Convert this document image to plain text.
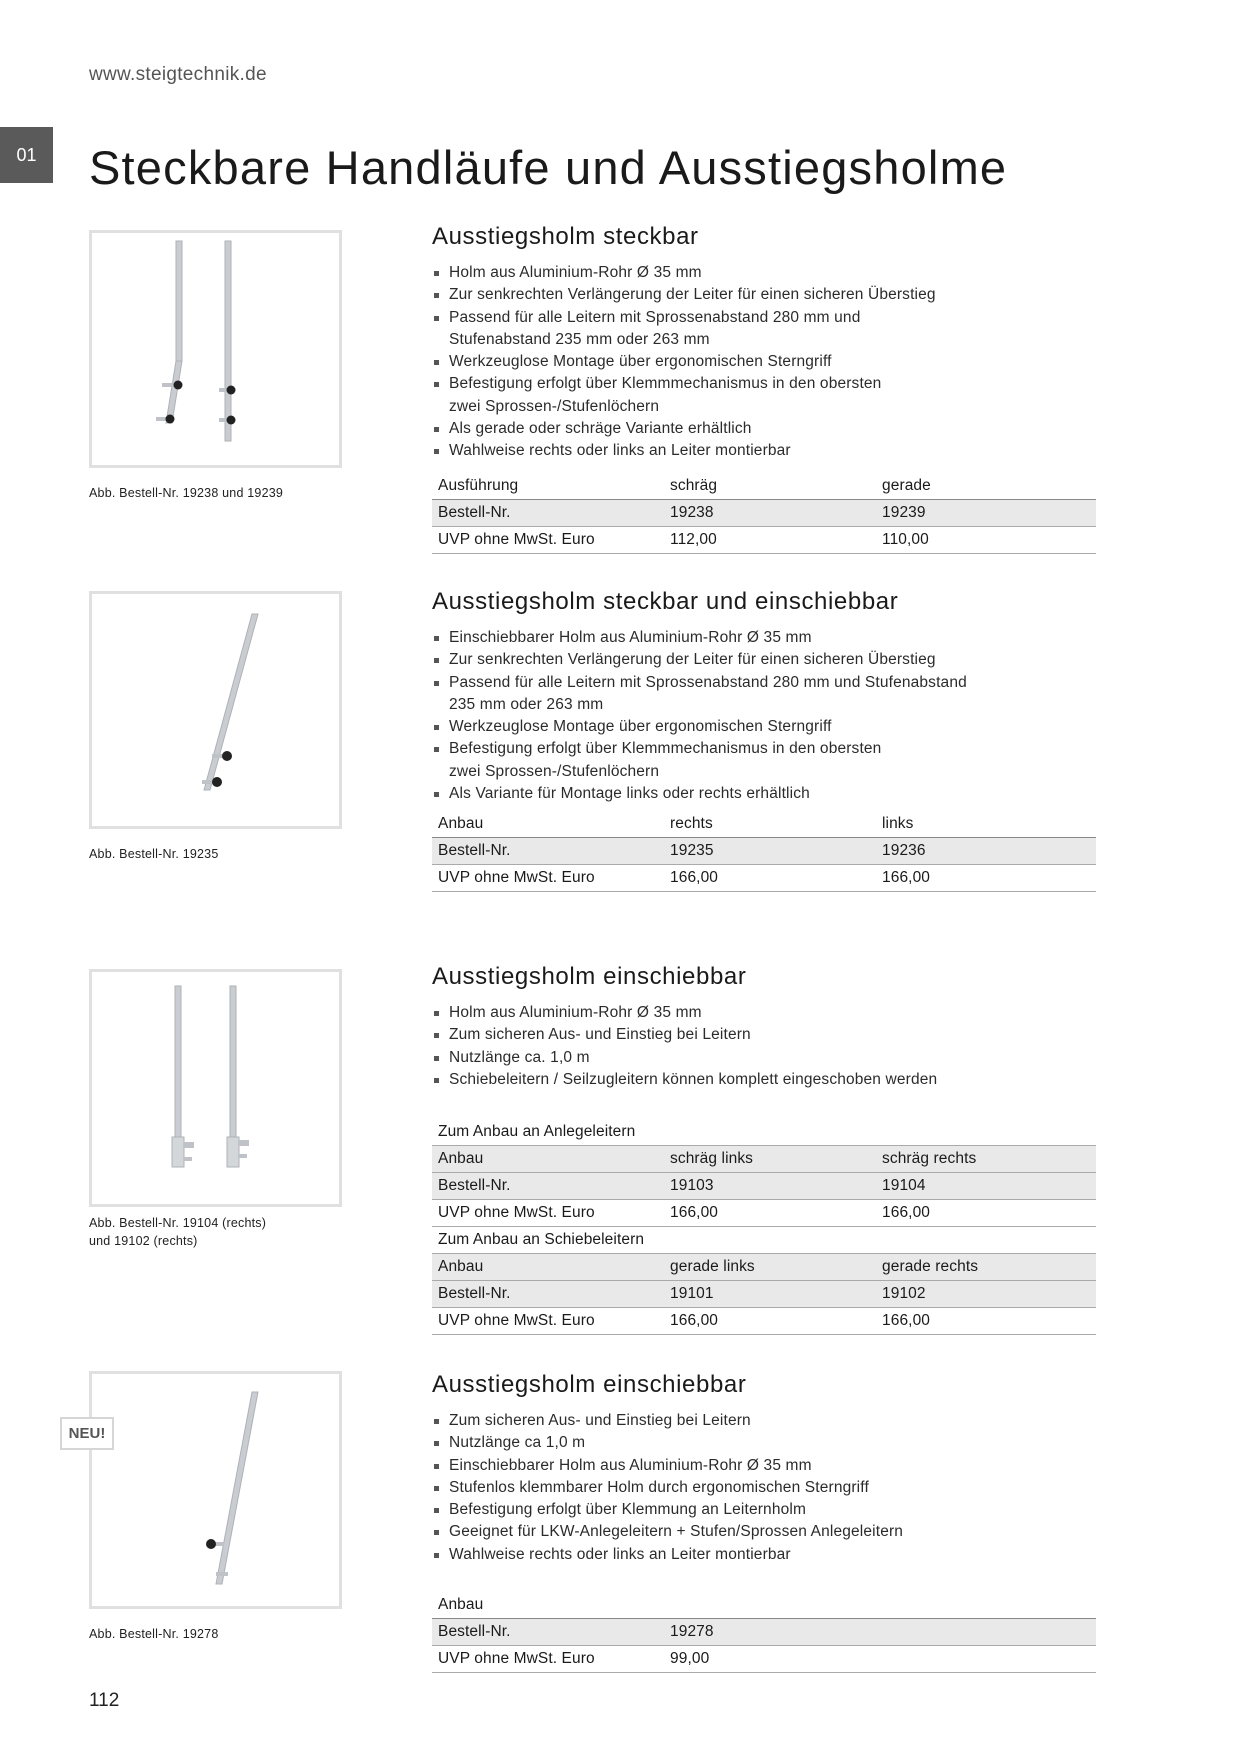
www.steigtechnik.de
01	Steckbare Handläufe und Ausstiegsholme
Abb. Bestell-Nr. 19238 und 19239
Ausstiegsholm steckbar
Holm aus Aluminium-Rohr Ø 35 mm
Zur senkrechten Verlängerung der Leiter für einen sicheren Überstieg
Passend für alle Leitern mit Sprossenabstand 280 mm und
Stufenabstand 235 mm oder 263 mm
Werkzeuglose Montage über ergonomischen Sterngriff
Befestigung erfolgt über Klemmmechanismus in den obersten
zwei Sprossen-/Stufenlöchern
Als gerade oder schräge Variante erhältlich
Wahlweise rechts oder links an Leiter montierbar
Ausführung	schräg	gerade
Bestell-Nr.	19238	19239
UVP ohne MwSt. Euro	112,00	110,00
Abb. Bestell-Nr. 19235
Ausstiegsholm steckbar und einschiebbar
Einschiebbarer Holm aus Aluminium-Rohr Ø 35 mm
Zur senkrechten Verlängerung der Leiter für einen sicheren Überstieg
Passend für alle Leitern mit Sprossenabstand 280 mm und Stufenabstand
235 mm oder 263 mm
Werkzeuglose Montage über ergonomischen Sterngriff
Befestigung erfolgt über Klemmmechanismus in den obersten
zwei Sprossen-/Stufenlöchern
Als Variante für Montage links oder rechts erhältlich
Anbau	rechts	links
Bestell-Nr.	19235	19236
UVP ohne MwSt. Euro	166,00	166,00
Abb. Bestell-Nr. 19104 (rechts)
und 19102 (rechts)
Ausstiegsholm einschiebbar
Holm aus Aluminium-Rohr Ø 35 mm
Zum sicheren Aus- und Einstieg bei Leitern
Nutzlänge ca. 1,0 m
Schiebeleitern / Seilzugleitern können komplett eingeschoben werden
Zum Anbau an Anlegeleitern		
Anbau	schräg links	schräg rechts
Bestell-Nr.	19103	19104
UVP ohne MwSt. Euro	166,00	166,00
Zum Anbau an Schiebeleitern		
Anbau	gerade links	gerade rechts
Bestell-Nr.	19101	19102
UVP ohne MwSt. Euro	166,00	166,00
NEU!
Abb. Bestell-Nr. 19278
Ausstiegsholm einschiebbar
Zum sicheren Aus- und Einstieg bei Leitern
Nutzlänge ca 1,0 m
Einschiebbarer Holm aus Aluminium-Rohr Ø 35 mm
Stufenlos klemmbarer Holm durch ergonomischen Sterngriff
Befestigung erfolgt über Klemmung an Leiternholm
Geeignet für LKW-Anlegeleitern + Stufen/Sprossen Anlegeleitern
Wahlweise rechts oder links an Leiter montierbar
Anbau		
Bestell-Nr.	19278	
UVP ohne MwSt. Euro	99,00	
112
